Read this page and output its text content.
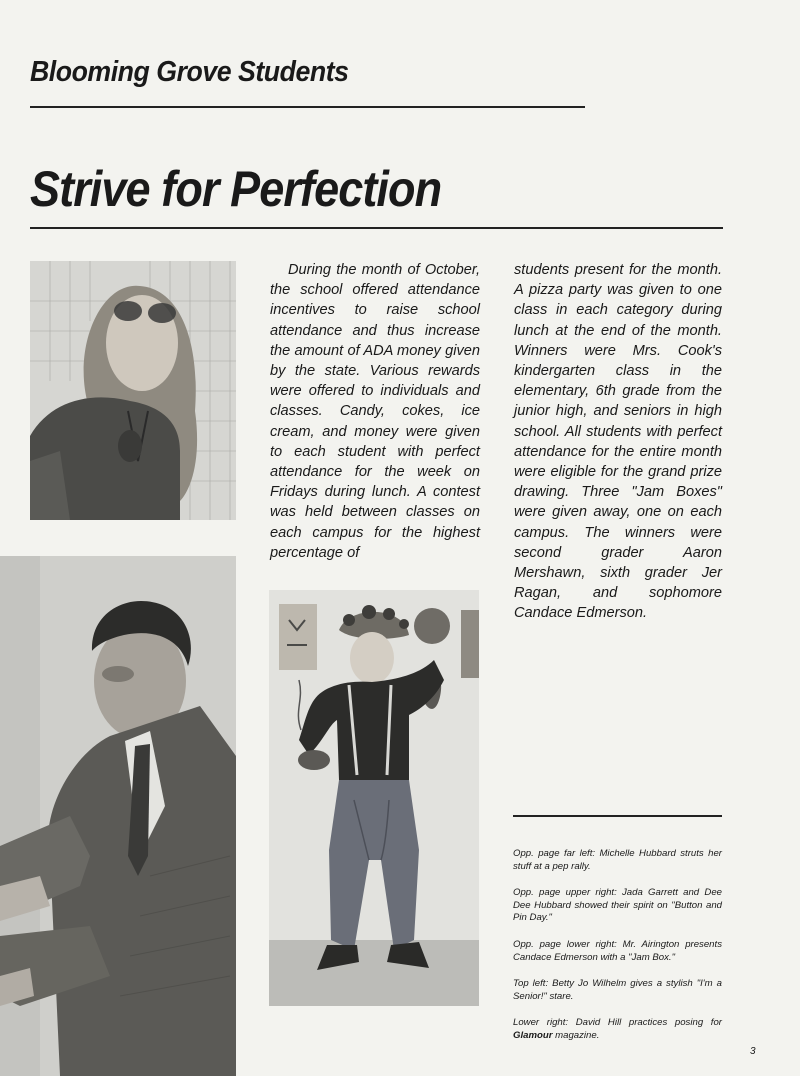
Blooming Grove Students
Strive for Perfection

During the month of October, the school offered attendance incentives to raise school attendance and thus increase the amount of ADA money given by the state. Various rewards were offered to individuals and classes. Candy, cokes, ice cream, and money were given to each student with perfect attendance for the week on Fridays during lunch. A contest was held between classes on each campus for the highest percentage of

students present for the month. A pizza party was given to one class in each category during lunch at the end of the month. Winners were Mrs. Cook's kindergarten class in the elementary, 6th grade from the junior high, and seniors in high school. All students with perfect attendance for the entire month were eligible for the grand prize drawing. Three "Jam Boxes" were given away, one on each campus. The winners were second grader Aaron Mershawn, sixth grader Jer Ragan, and sophomore Candace Edmerson.

Opp. page far left: Michelle Hubbard struts her stuff at a pep rally.

Opp. page upper right: Jada Garrett and Dee Dee Hubbard showed their spirit on "Button and Pin Day."

Opp. page lower right: Mr. Airington presents Candace Edmerson with a "Jam Box."

Top left: Betty Jo Wilhelm gives a stylish "I'm a Senior!" stare.

Lower right: David Hill practices posing for Glamour magazine.

3
